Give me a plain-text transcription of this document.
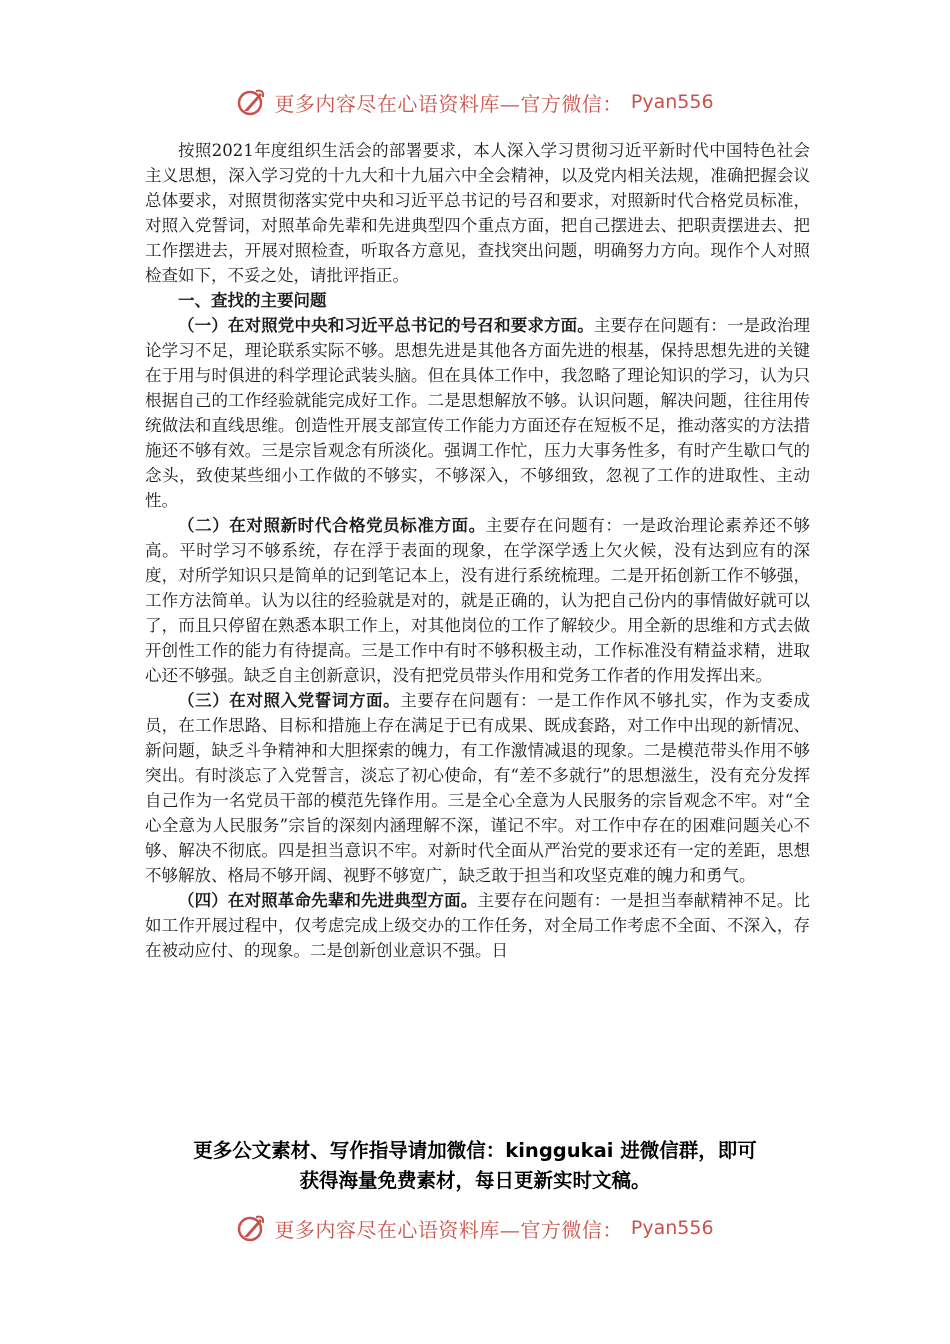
更多内容尽在心语资料库—官方微信： Pyan556

按照2021年度组织生活会的部署要求，本人深入学习贯彻习近平新时代中国特色社会主义思想，深入学习党的十九大和十九届六中全会精神，以及党内相关法规，准确把握会议总体要求，对照贯彻落实党中央和习近平总书记的号召和要求，对照新时代合格党员标准，对照入党誓词，对照革命先辈和先进典型四个重点方面，把自己摆进去、把职责摆进去、把工作摆进去，开展对照检查，听取各方意见，查找突出问题，明确努力方向。现作个人对照检查如下，不妥之处，请批评指正。

一、查找的主要问题

（一）在对照党中央和习近平总书记的号召和要求方面。主要存在问题有：一是政治理论学习不足，理论联系实际不够。思想先进是其他各方面先进的根基，保持思想先进的关键在于用与时俱进的科学理论武装头脑。但在具体工作中，我忽略了理论知识的学习，认为只根据自己的工作经验就能完成好工作。二是思想解放不够。认识问题，解决问题，往往用传统做法和直线思维。创造性开展支部宣传工作能力方面还存在短板不足，推动落实的方法措施还不够有效。三是宗旨观念有所淡化。强调工作忙，压力大事务性多，有时产生歇口气的念头，致使某些细小工作做的不够实，不够深入，不够细致，忽视了工作的进取性、主动性。

（二）在对照新时代合格党员标准方面。主要存在问题有：一是政治理论素养还不够高。平时学习不够系统，存在浮于表面的现象，在学深学透上欠火候，没有达到应有的深度，对所学知识只是简单的记到笔记本上，没有进行系统梳理。二是开拓创新工作不够强，工作方法简单。认为以往的经验就是对的，就是正确的，认为把自己份内的事情做好就可以了，而且只停留在熟悉本职工作上，对其他岗位的工作了解较少。用全新的思维和方式去做开创性工作的能力有待提高。三是工作中有时不够积极主动，工作标准没有精益求精，进取心还不够强。缺乏自主创新意识，没有把党员带头作用和党务工作者的作用发挥出来。

（三）在对照入党誓词方面。主要存在问题有：一是工作作风不够扎实，作为支委成员，在工作思路、目标和措施上存在满足于已有成果、既成套路，对工作中出现的新情况、新问题，缺乏斗争精神和大胆探索的魄力，有工作激情减退的现象。二是模范带头作用不够突出。有时淡忘了入党誓言，淡忘了初心使命，有“差不多就行”的思想滋生，没有充分发挥自己作为一名党员干部的模范先锋作用。三是全心全意为人民服务的宗旨观念不牢。对“全心全意为人民服务”宗旨的深刻内涵理解不深，谨记不牢。对工作中存在的困难问题关心不够、解决不彻底。四是担当意识不牢。对新时代全面从严治党的要求还有一定的差距，思想不够解放、格局不够开阔、视野不够宽广，缺乏敢于担当和攻坚克难的魄力和勇气。

（四）在对照革命先辈和先进典型方面。主要存在问题有：一是担当奉献精神不足。比如工作开展过程中，仅考虑完成上级交办的工作任务，对全局工作考虑不全面、不深入，存在被动应付、的现象。二是创新创业意识不强。日

更多公文素材、写作指导请加微信：kinggukai 进微信群，即可
获得海量免费素材，每日更新实时文稿。
更多内容尽在心语资料库—官方微信： Pyan556
